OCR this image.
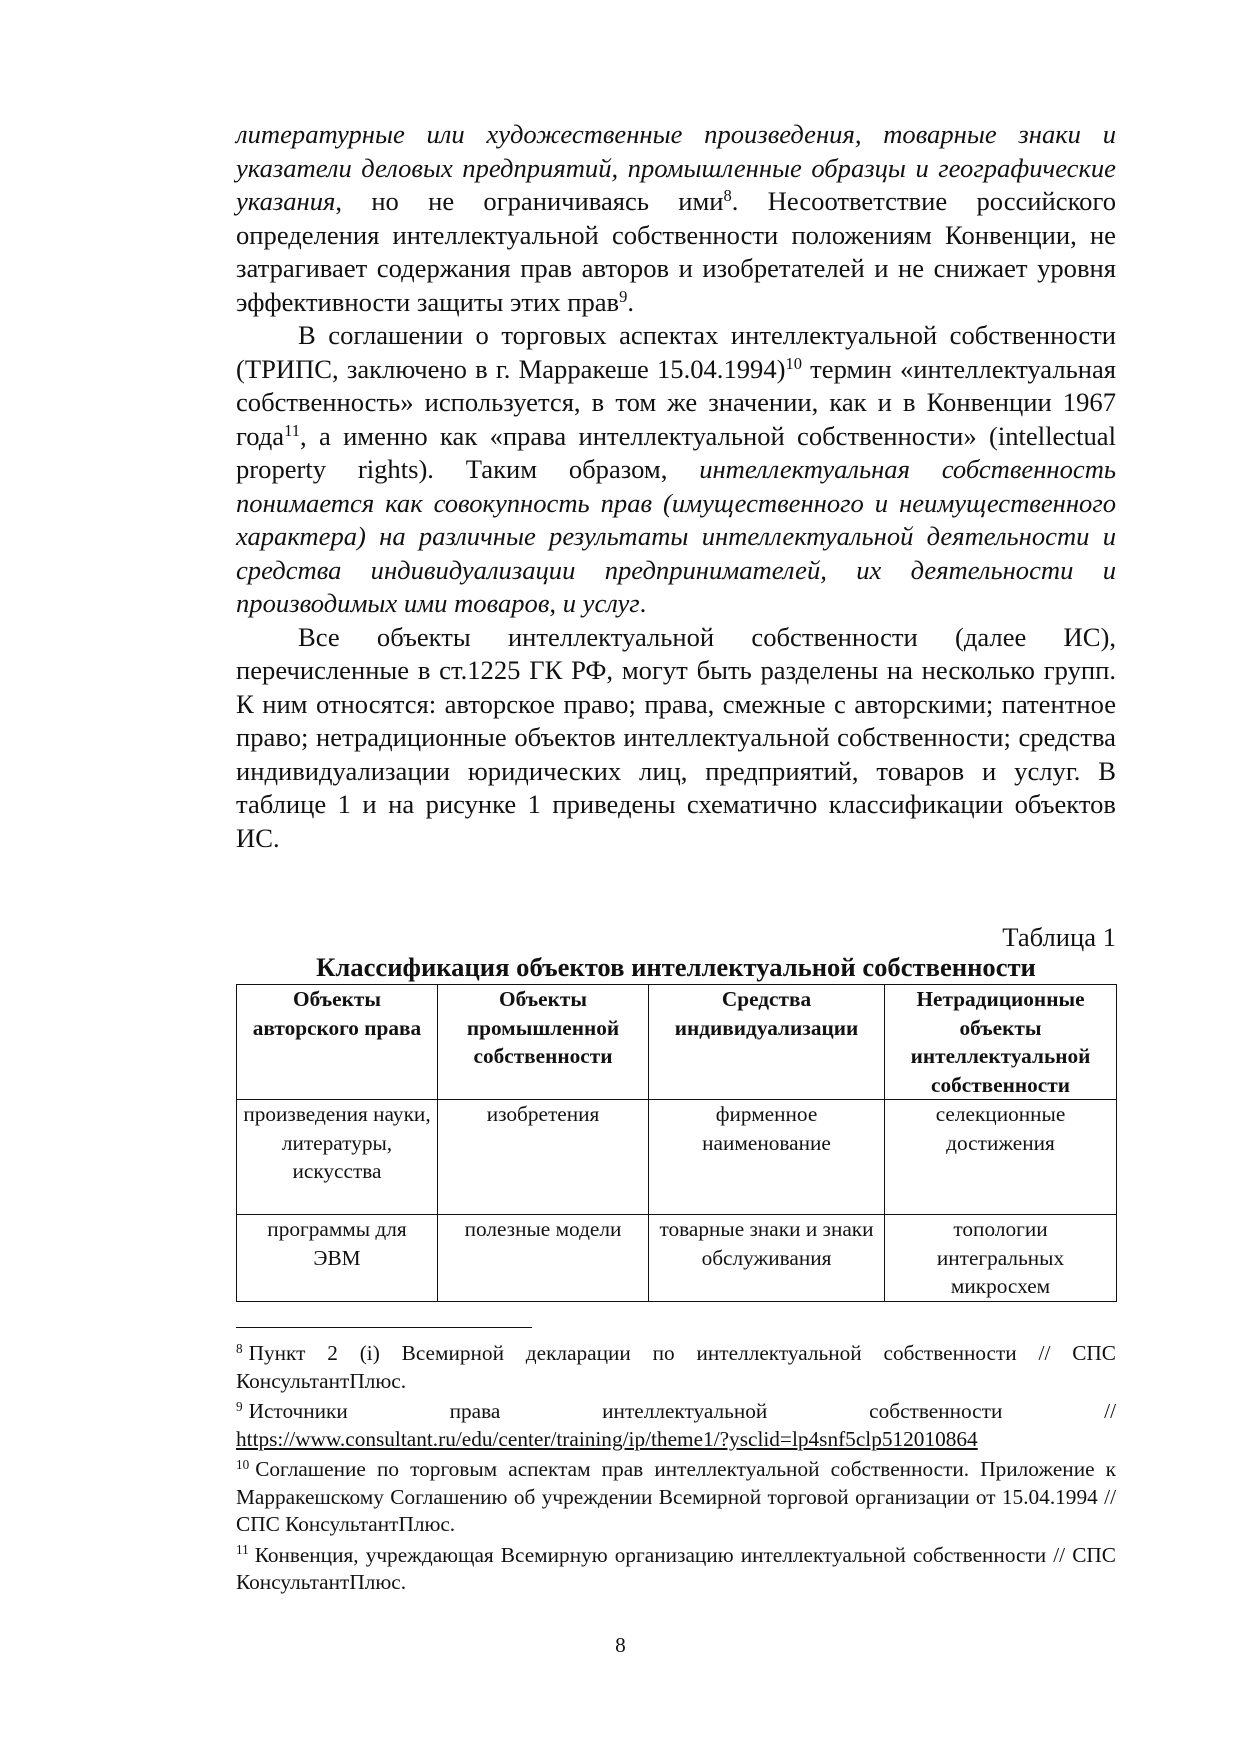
литературные или художественные произведения, товарные знаки и указатели деловых предприятий, промышленные образцы и географические указания, но не ограничиваясь ими$^8$. Несоответствие российского определения интеллектуальной собственности положениям Конвенции, не затрагивает содержания прав авторов и изобретателей и не снижает уровня эффективности защиты этих прав$^9$.

В соглашении о торговых аспектах интеллектуальной собственности (ТРИПС, заключено в г. Марракеше 15.04.1994)$^{10}$ термин «интеллектуальная собственность» используется, в том же значении, как и в Конвенции 1967 года$^{11}$, а именно как «права интеллектуальной собственности» (intellectual property rights). Таким образом, интеллектуальная собственность понимается как совокупность прав (имущественного и неимущественного характера) на различные результаты интеллектуальной деятельности и средства индивидуализации предпринимателей, их деятельности и производимых ими товаров, и услуг.

Все объекты интеллектуальной собственности (далее ИС), перечисленные в ст.1225 ГК РФ, могут быть разделены на несколько групп. К ним относятся: авторское право; права, смежные с авторскими; патентное право; нетрадиционные объектов интеллектуальной собственности; средства индивидуализации юридических лиц, предприятий, товаров и услуг. В таблице 1 и на рисунке 1 приведены схематично классификации объектов ИС.

Таблица 1
Классификация объектов интеллектуальной собственности
Объекты авторского права	Объекты промышленной собственности	Средства индивидуализации	Нетрадиционные объекты интеллектуальной собственности
произведения науки, литературы, искусства	изобретения	фирменное наименование	селекционные достижения
программы для ЭВМ	полезные модели	товарные знаки и знаки обслуживания	топологии интегральных микросхем

$^8$ Пункт 2 (i) Всемирной декларации по интеллектуальной собственности // СПС КонсультантПлюс.

$^9$ Источники права интеллектуальной собственности // https://www.consultant.ru/edu/center/training/ip/theme1/?ysclid=lp4snf5clp512010864

$^{10}$ Соглашение по торговым аспектам прав интеллектуальной собственности. Приложение к Марракешскому Соглашению об учреждении Всемирной торговой организации от 15.04.1994 // СПС КонсультантПлюс.

$^{11}$ Конвенция, учреждающая Всемирную организацию интеллектуальной собственности // СПС КонсультантПлюс.

8
